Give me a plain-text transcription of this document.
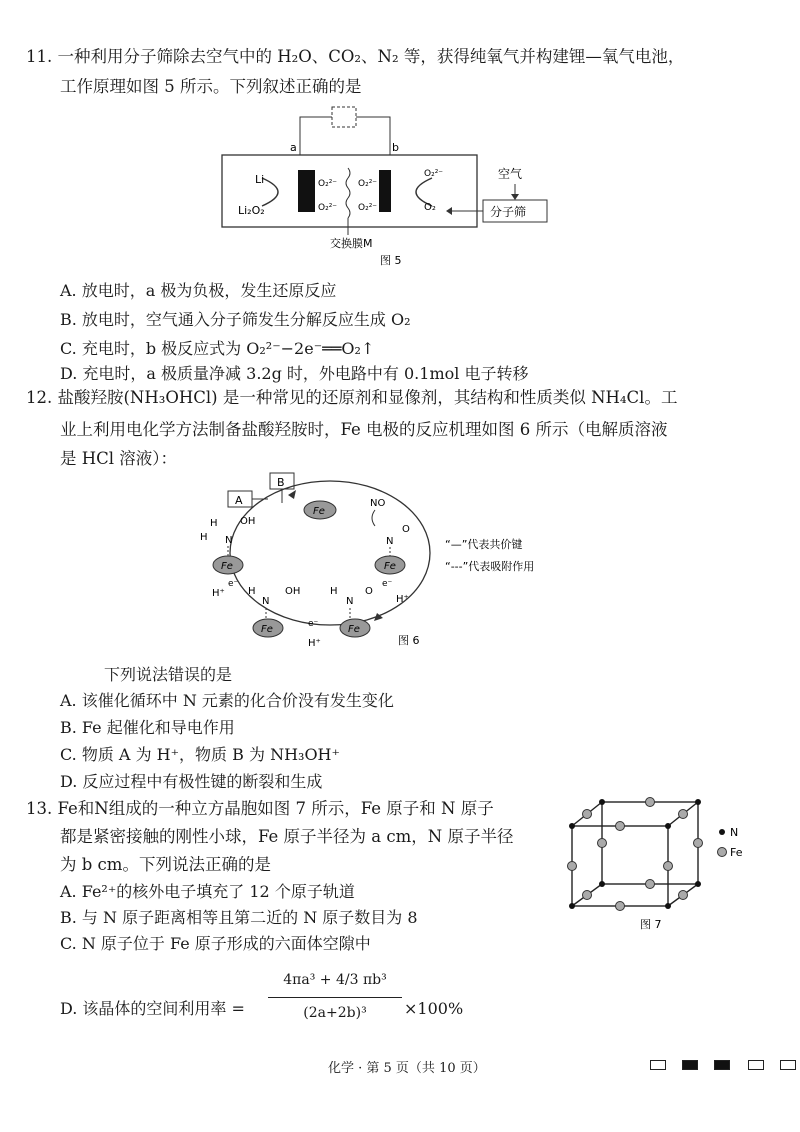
11. 一种利用分子筛除去空气中的 H₂O、CO₂、N₂ 等，获得纯氧气并构建锂—氧气电池，
工作原理如图 5 所示。下列叙述正确的是
a	b
Li
Li₂O₂
O₂²⁻
O₂²⁻
O₂²⁻
O₂²⁻
O₂²⁻
O₂	分子筛
空气
交换膜M
图 5
A. 放电时，a 极为负极，发生还原反应
B. 放电时，空气通入分子筛发生分解反应生成 O₂
C. 充电时，b 极反应式为 O₂²⁻−2e⁻══O₂↑
D. 充电时，a 极质量净减 3.2g 时，外电路中有 0.1mol 电子转移
12. 盐酸羟胺(NH₃OHCl) 是一种常见的还原剂和显像剂，其结构和性质类似 NH₄Cl。工
业上利用电化学方法制备盐酸羟胺时，Fe 电极的反应机理如图 6 所示（电解质溶液
是 HCl 溶液）：
A
B
Fe
Fe	Fe
Fe	Fe
NO
H
N
OH
H	N
O
e⁻
H⁺
e⁻
H⁺
e⁻
H⁺
H
N
OH	H
N
O
“—”代表共价键
“---”代表吸附作用
图 6
下列说法错误的是
A. 该催化循环中 N 元素的化合价没有发生变化
B. Fe 起催化和导电作用
C. 物质 A 为 H⁺，物质 B 为 NH₃OH⁺
D. 反应过程中有极性键的断裂和生成
13. Fe和N组成的一种立方晶胞如图 7 所示，Fe 原子和 N 原子
都是紧密接触的刚性小球，Fe 原子半径为 a cm，N 原子半径
为 b cm。下列说法正确的是
A. Fe²⁺的核外电子填充了 12 个原子轨道
B. 与 N 原子距离相等且第二近的 N 原子数目为 8
C. N 原子位于 Fe 原子形成的六面体空隙中
D. 该晶体的空间利用率 =
4πa³ + 4/3 πb³
(2a+2b)³	×100%
N
Fe
图 7
化学 · 第 5 页（共 10 页）
